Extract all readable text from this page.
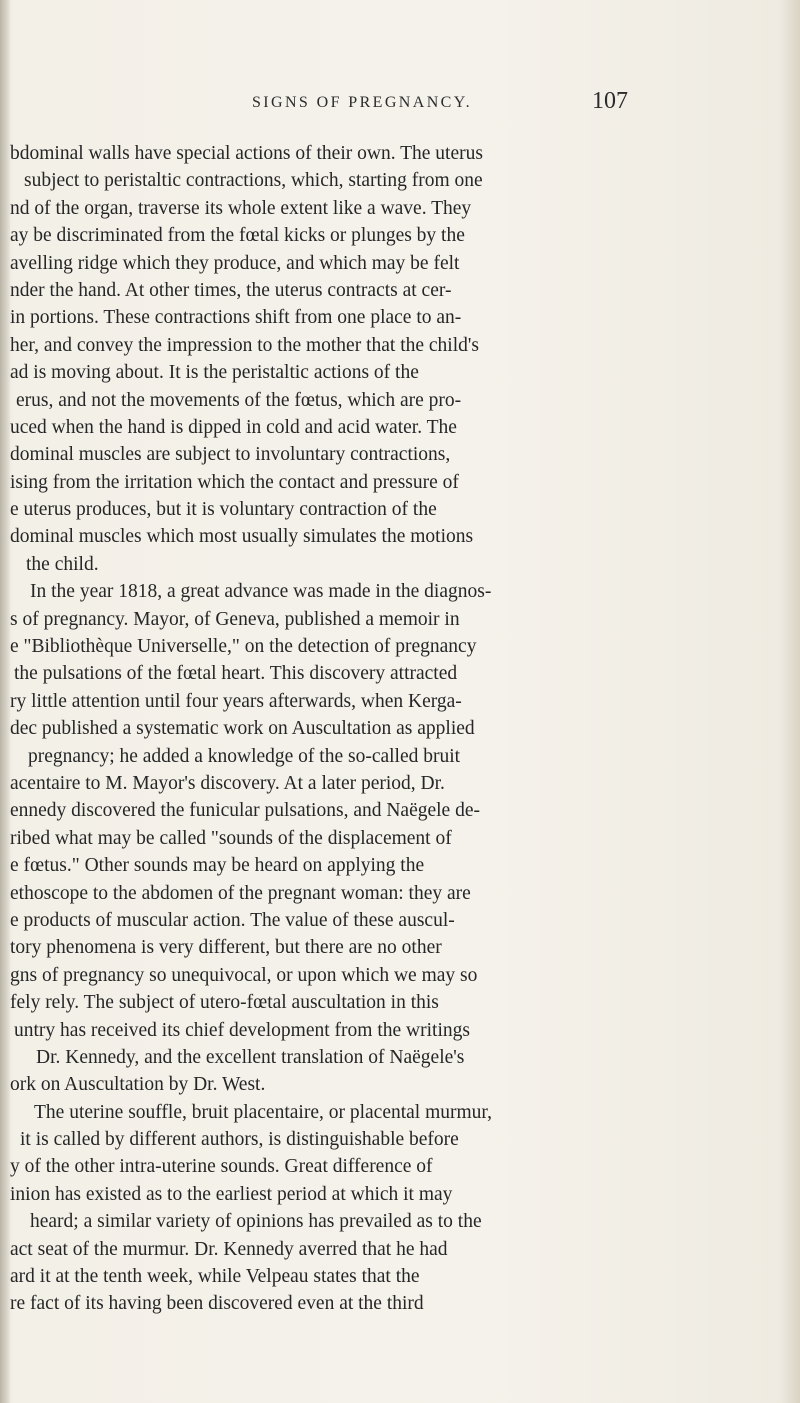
SIGNS OF PREGNANCY.	107
bdominal walls have special actions of their own. The uterus
subject to peristaltic contractions, which, starting from one
nd of the organ, traverse its whole extent like a wave. They
ay be discriminated from the fœtal kicks or plunges by the
avelling ridge which they produce, and which may be felt
nder the hand. At other times, the uterus contracts at cer-
in portions. These contractions shift from one place to an-
her, and convey the impression to the mother that the child's
ad is moving about. It is the peristaltic actions of the
erus, and not the movements of the fœtus, which are pro-
uced when the hand is dipped in cold and acid water. The
dominal muscles are subject to involuntary contractions,
ising from the irritation which the contact and pressure of
e uterus produces, but it is voluntary contraction of the
dominal muscles which most usually simulates the motions
the child.
In the year 1818, a great advance was made in the diagnos-
s of pregnancy. Mayor, of Geneva, published a memoir in
e "Bibliothèque Universelle," on the detection of pregnancy
the pulsations of the fœtal heart. This discovery attracted
ry little attention until four years afterwards, when Kerga-
dec published a systematic work on Auscultation as applied
pregnancy; he added a knowledge of the so-called bruit
acentaire to M. Mayor's discovery. At a later period, Dr.
ennedy discovered the funicular pulsations, and Naëgele de-
ribed what may be called "sounds of the displacement of
e fœtus." Other sounds may be heard on applying the
ethoscope to the abdomen of the pregnant woman: they are
e products of muscular action. The value of these auscul-
tory phenomena is very different, but there are no other
gns of pregnancy so unequivocal, or upon which we may so
fely rely. The subject of utero-fœtal auscultation in this
untry has received its chief development from the writings
Dr. Kennedy, and the excellent translation of Naëgele's
ork on Auscultation by Dr. West.
The uterine souffle, bruit placentaire, or placental murmur,
it is called by different authors, is distinguishable before
y of the other intra-uterine sounds. Great difference of
inion has existed as to the earliest period at which it may
heard; a similar variety of opinions has prevailed as to the
act seat of the murmur. Dr. Kennedy averred that he had
ard it at the tenth week, while Velpeau states that the
re fact of its having been discovered even at the third
